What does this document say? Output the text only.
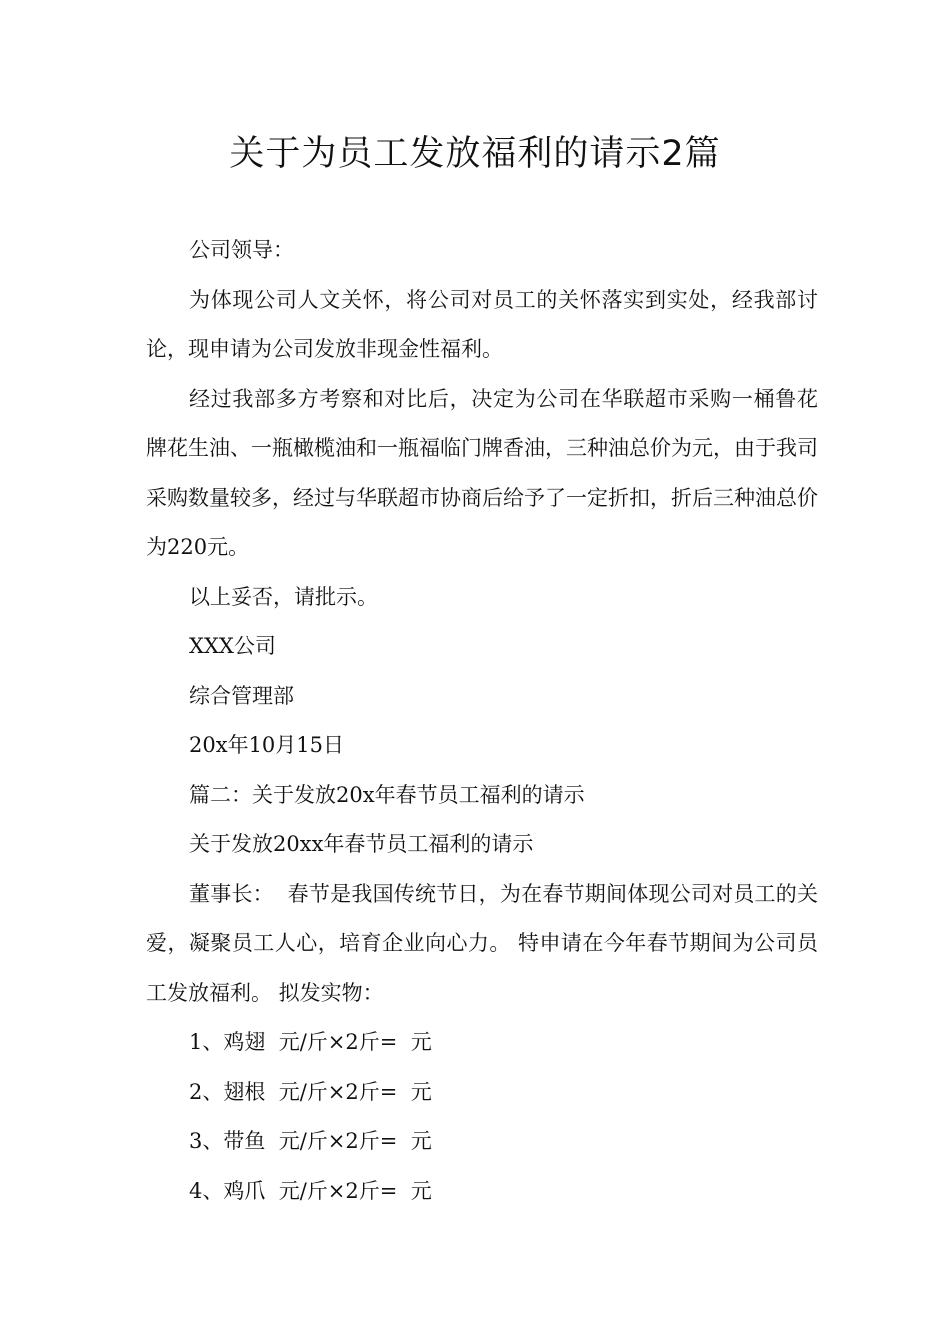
关于为员工发放福利的请示2篇

公司领导：

为体现公司人文关怀，将公司对员工的关怀落实到实处，经我部讨论，现申请为公司发放非现金性福利。

经过我部多方考察和对比后，决定为公司在华联超市采购一桶鲁花牌花生油、一瓶橄榄油和一瓶福临门牌香油，三种油总价为元，由于我司采购数量较多，经过与华联超市协商后给予了一定折扣，折后三种油总价为220元。

以上妥否，请批示。

XXX公司

综合管理部

20x年10月15日

篇二：关于发放20x年春节员工福利的请示

关于发放20xx年春节员工福利的请示

董事长：  春节是我国传统节日，为在春节期间体现公司对员工的关爱，凝聚员工人心，培育企业向心力。 特申请在今年春节期间为公司员工发放福利。 拟发实物：

1、鸡翅  元/斤×2斤=  元

2、翅根  元/斤×2斤=  元

3、带鱼  元/斤×2斤=  元

4、鸡爪  元/斤×2斤=  元
